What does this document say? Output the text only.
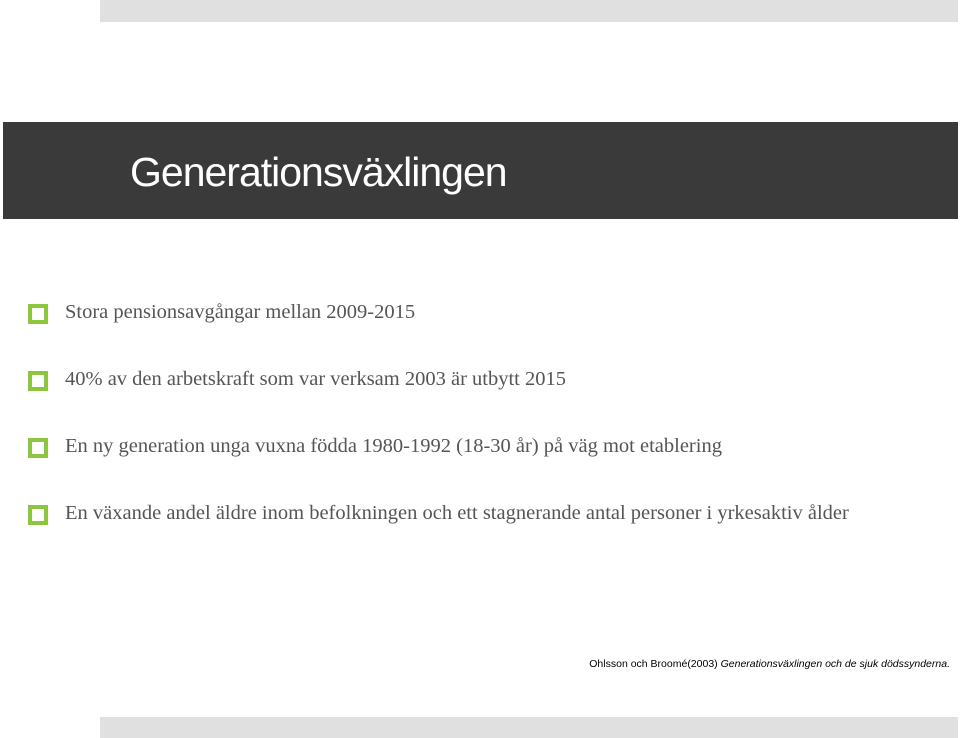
Generationsväxlingen
Stora pensionsavgångar mellan 2009-2015
40% av den arbetskraft som var verksam 2003 är utbytt 2015
En ny generation unga vuxna födda 1980-1992 (18-30 år) på väg mot etablering
En växande andel äldre inom befolkningen och ett stagnerande antal personer i yrkesaktiv ålder
Ohlsson och Broomé(2003) Generationsväxlingen och de sjuk dödssynderna.
